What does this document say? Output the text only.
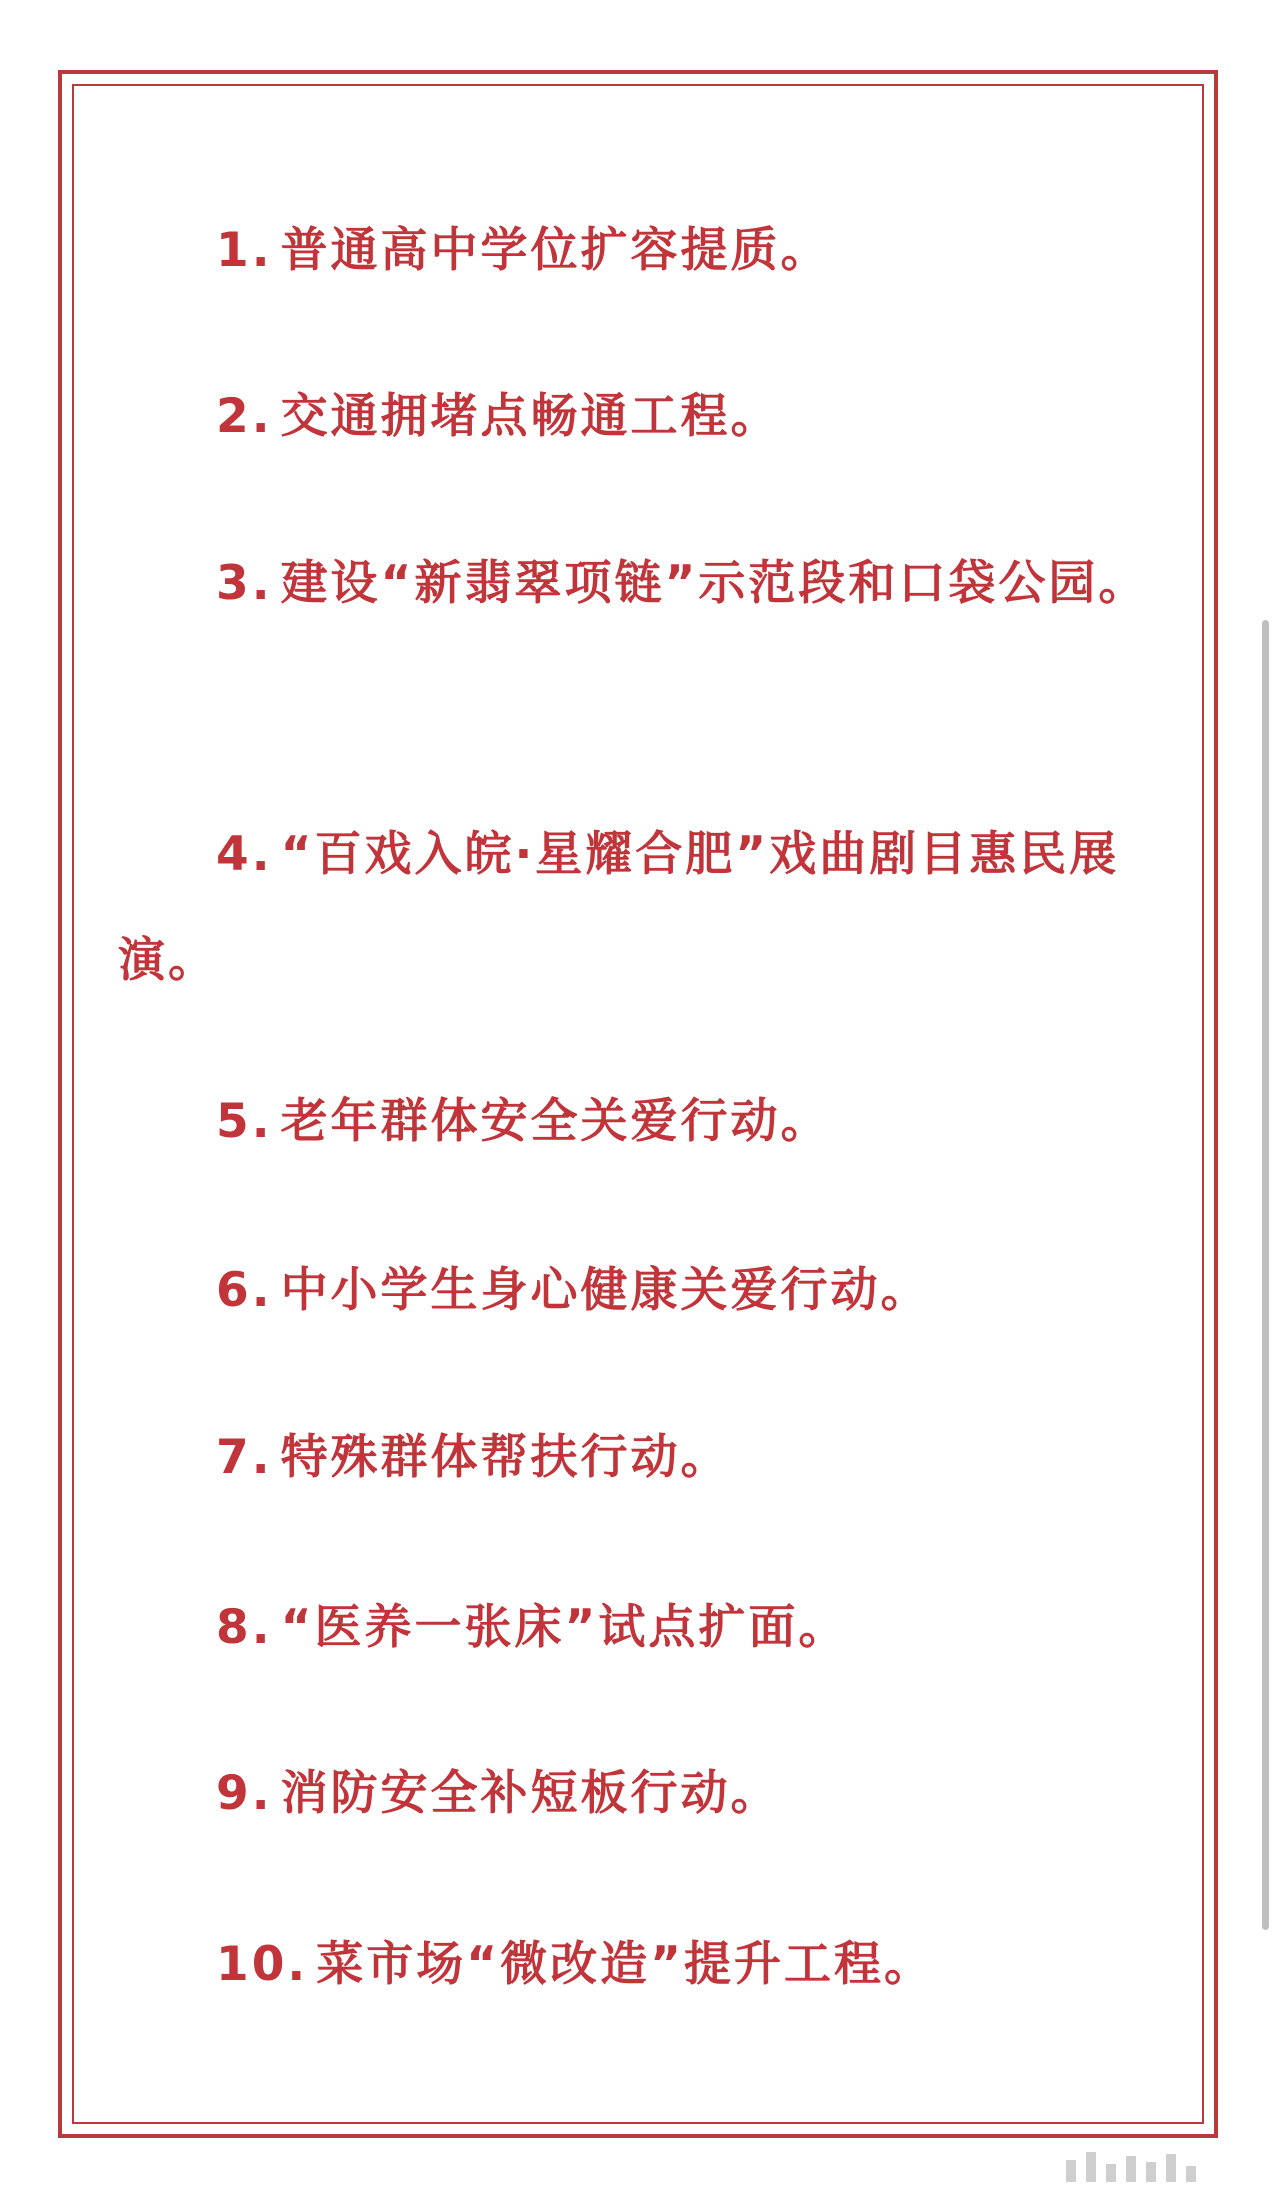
1. 普通高中学位扩容提质。
2. 交通拥堵点畅通工程。
3. 建设“新翡翠项链”示范段和口袋公园。
4. “百戏入皖·星耀合肥”戏曲剧目惠民展演。
5. 老年群体安全关爱行动。
6. 中小学生身心健康关爱行动。
7. 特殊群体帮扶行动。
8. “医养一张床”试点扩面。
9. 消防安全补短板行动。
10. 菜市场“微改造”提升工程。
